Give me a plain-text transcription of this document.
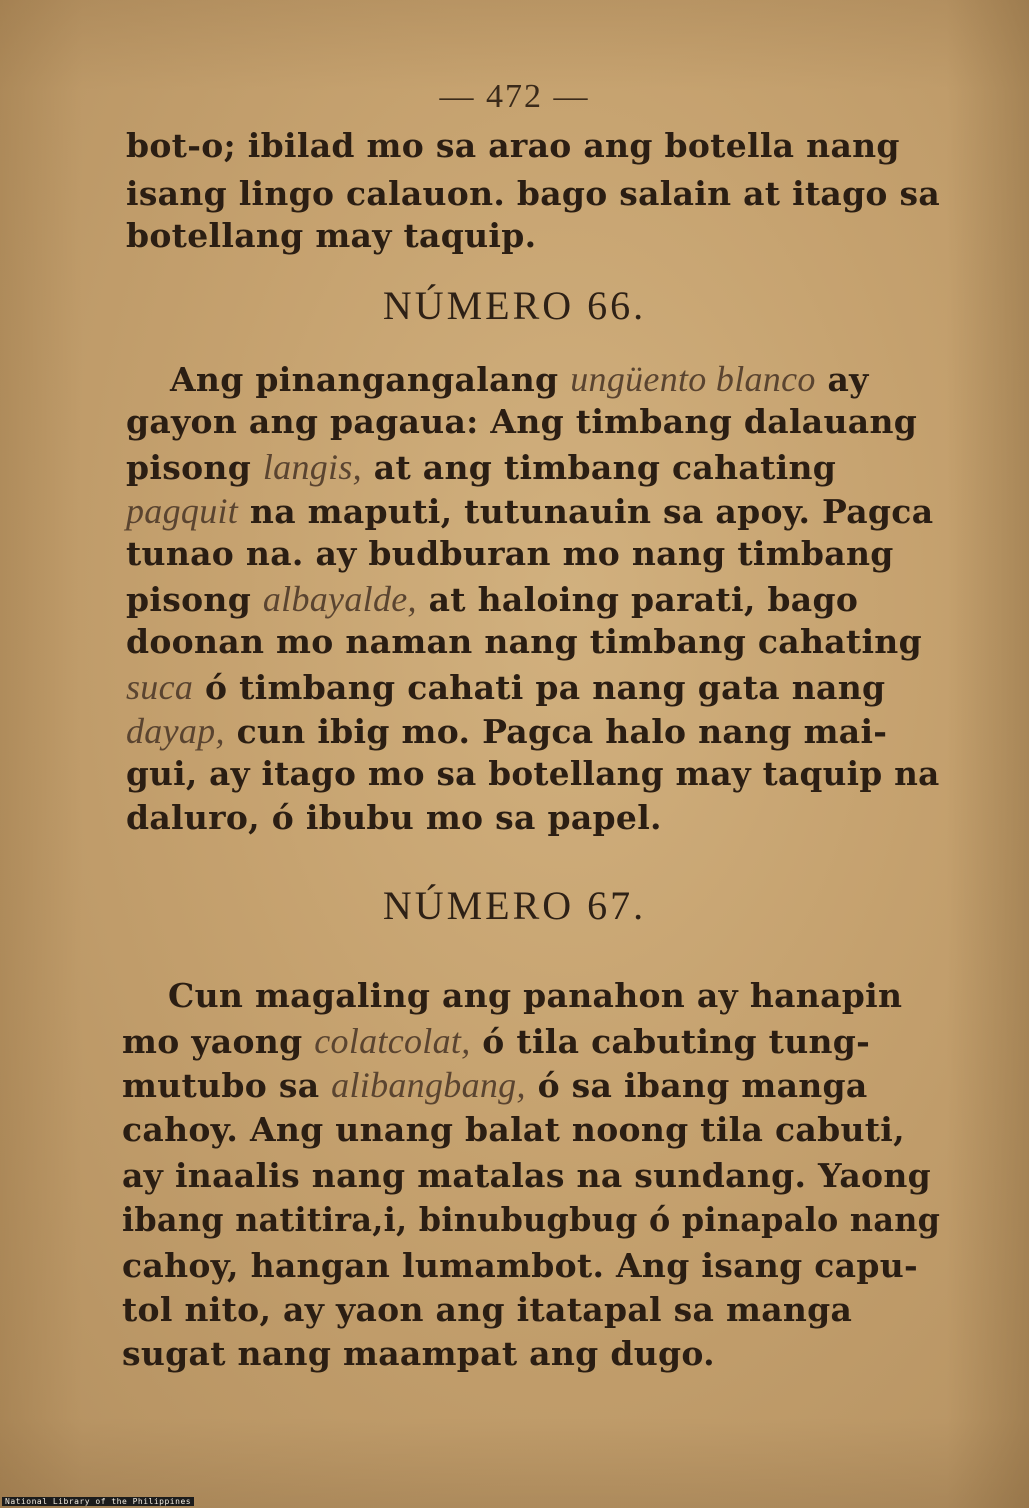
— 472 —
bot-o; ibilad mo sa arao ang botella nang
isang lingo calauon. bago salain at itago sa
botellang may taquip.
NÚMERO 66.
Ang pinangangalang ungüento blanco ay
gayon ang pagaua: Ang timbang dalauang
pisong langis, at ang timbang cahating
pagquit na maputi, tutunauin sa apoy. Pagca
tunao na. ay budburan mo nang timbang
pisong albayalde, at haloing parati, bago
doonan mo naman nang timbang cahating
suca ó timbang cahati pa nang gata nang
dayap, cun ibig mo. Pagca halo nang mai-
gui, ay itago mo sa botellang may taquip na
daluro, ó ibubu mo sa papel.
NÚMERO 67.
Cun magaling ang panahon ay hanapin
mo yaong colatcolat, ó tila cabuting tung-
mutubo sa alibangbang, ó sa ibang manga
cahoy. Ang unang balat noong tila cabuti,
ay inaalis nang matalas na sundang. Yaong
ibang natitira,i, binubugbug ó pinapalo nang
cahoy, hangan lumambot. Ang isang capu-
tol nito, ay yaon ang itatapal sa manga
sugat nang maampat ang dugo.
National Library of the Philippines
